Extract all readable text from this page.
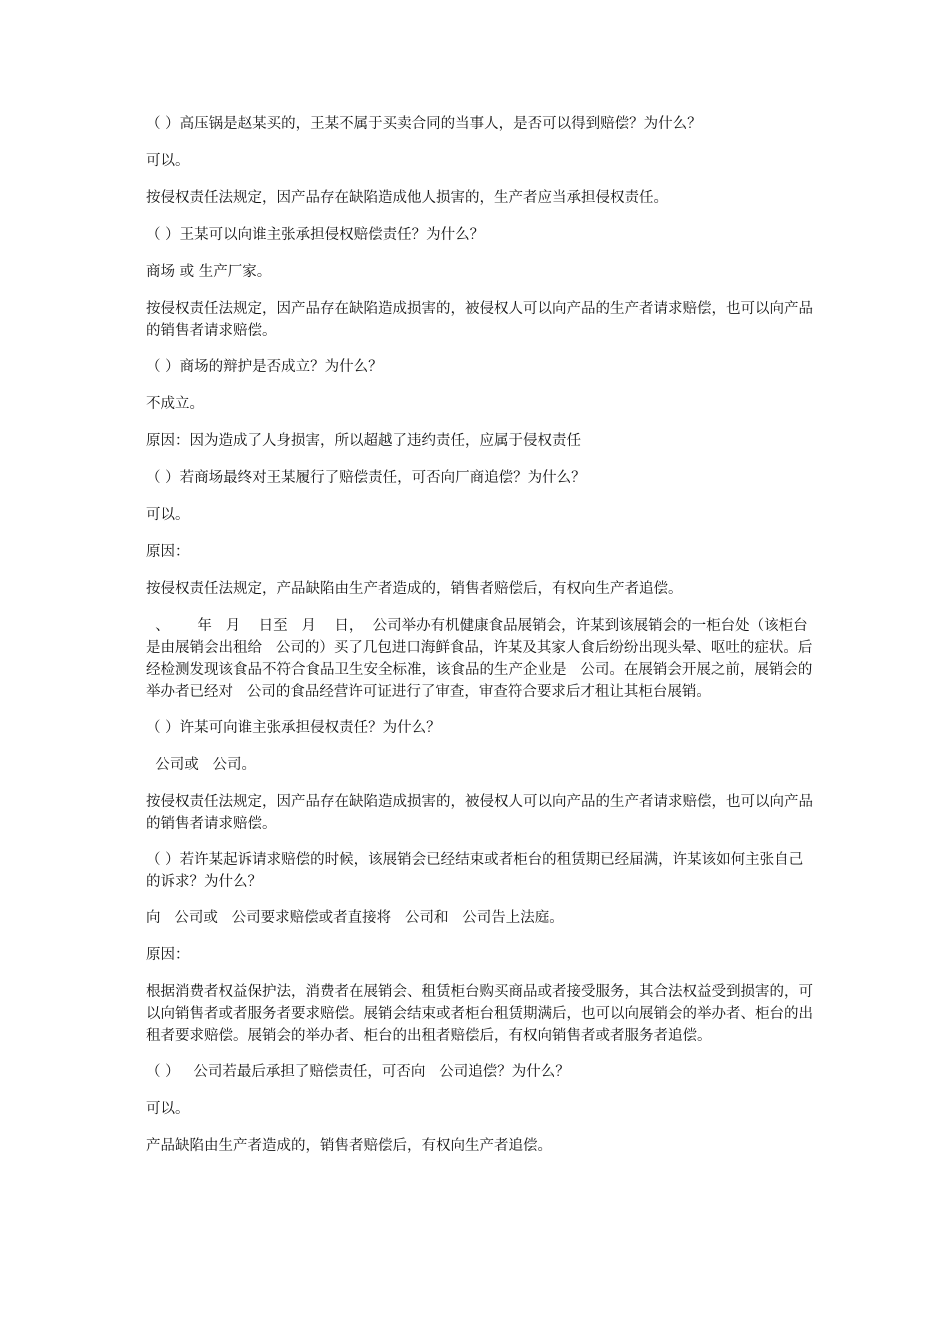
（ ）高压锅是赵某买的，王某不属于买卖合同的当事人，是否可以得到赔偿？为什么？

可以。

按侵权责任法规定，因产品存在缺陷造成他人损害的，生产者应当承担侵权责任。

（ ）王某可以向谁主张承担侵权赔偿责任？为什么？

商场 或 生产厂家。

按侵权责任法规定，因产品存在缺陷造成损害的，被侵权人可以向产品的生产者请求赔偿，也可以向产品的销售者请求赔偿。

（ ）商场的辩护是否成立？为什么？

不成立。

原因：因为造成了人身损害，所以超越了违约责任，应属于侵权责任

（ ）若商场最终对王某履行了赔偿责任，可否向厂商追偿？为什么？

可以。

原因：

按侵权责任法规定，产品缺陷由生产者造成的，销售者赔偿后，有权向生产者追偿。

、      年   月    日至   月    日，  公司举办有机健康食品展销会，许某到该展销会的一柜台处（该柜台是由展销会出租给   公司的）买了几包进口海鲜食品，许某及其家人食后纷纷出现头晕、呕吐的症状。后经检测发现该食品不符合食品卫生安全标准，该食品的生产企业是   公司。在展销会开展之前，展销会的举办者已经对   公司的食品经营许可证进行了审查，审查符合要求后才租让其柜台展销。

（ ）许某可向谁主张承担侵权责任？为什么？

公司或   公司。

按侵权责任法规定，因产品存在缺陷造成损害的，被侵权人可以向产品的生产者请求赔偿，也可以向产品的销售者请求赔偿。

（ ）若许某起诉请求赔偿的时候，该展销会已经结束或者柜台的租赁期已经届满，许某该如何主张自己的诉求？为什么？

向   公司或   公司要求赔偿或者直接将   公司和   公司告上法庭。

原因：

根据消费者权益保护法，消费者在展销会、租赁柜台购买商品或者接受服务，其合法权益受到损害的，可以向销售者或者服务者要求赔偿。展销会结束或者柜台租赁期满后，也可以向展销会的举办者、柜台的出租者要求赔偿。展销会的举办者、柜台的出租者赔偿后，有权向销售者或者服务者追偿。

（ ）   公司若最后承担了赔偿责任，可否向   公司追偿？为什么？

可以。

产品缺陷由生产者造成的，销售者赔偿后，有权向生产者追偿。
